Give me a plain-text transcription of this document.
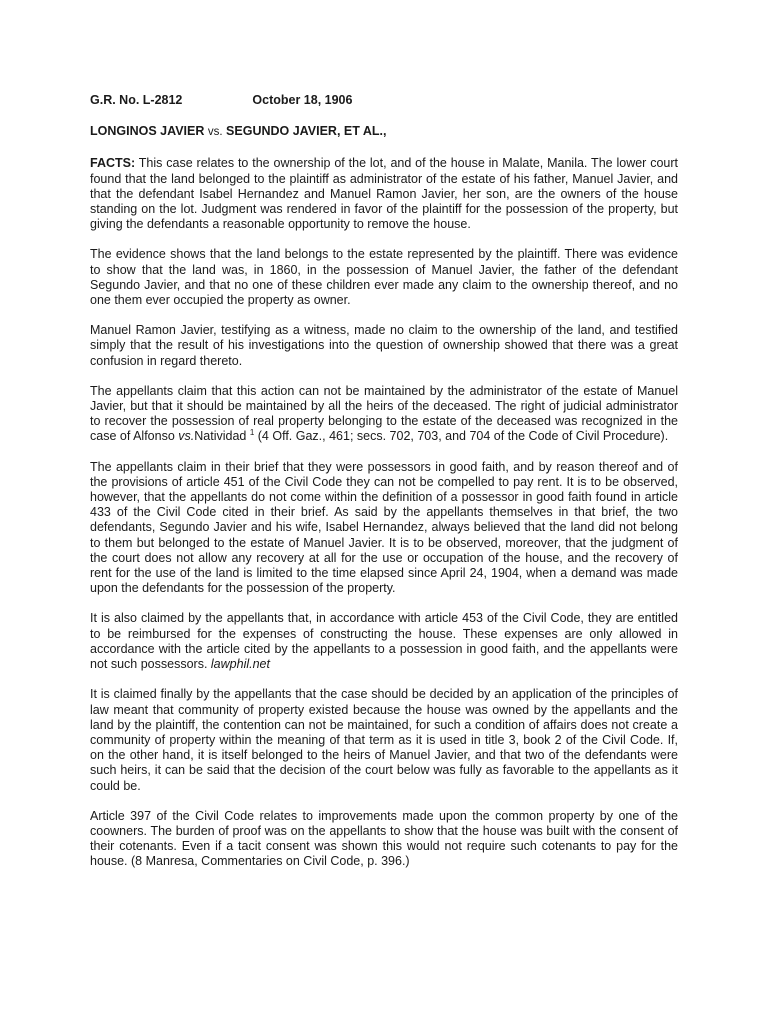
G.R. No. L-2812	October 18, 1906
LONGINOS JAVIER vs. SEGUNDO JAVIER, ET AL.,

FACTS: This case relates to the ownership of the lot, and of the house in Malate, Manila. The lower court found that the land belonged to the plaintiff as administrator of the estate of his father, Manuel Javier, and that the defendant Isabel Hernandez and Manuel Ramon Javier, her son, are the owners of the house standing on the lot. Judgment was rendered in favor of the plaintiff for the possession of the property, but giving the defendants a reasonable opportunity to remove the house.

The evidence shows that the land belongs to the estate represented by the plaintiff. There was evidence to show that the land was, in 1860, in the possession of Manuel Javier, the father of the defendant Segundo Javier, and that no one of these children ever made any claim to the ownership thereof, and no one them ever occupied the property as owner.

Manuel Ramon Javier, testifying as a witness, made no claim to the ownership of the land, and testified simply that the result of his investigations into the question of ownership showed that there was a great confusion in regard thereto.

The appellants claim that this action can not be maintained by the administrator of the estate of Manuel Javier, but that it should be maintained by all the heirs of the deceased. The right of judicial administrator to recover the possession of real property belonging to the estate of the deceased was recognized in the case of Alfonso vs.Natividad $^1$ (4 Off. Gaz., 461; secs. 702, 703, and 704 of the Code of Civil Procedure).

The appellants claim in their brief that they were possessors in good faith, and by reason thereof and of the provisions of article 451 of the Civil Code they can not be compelled to pay rent. It is to be observed, however, that the appellants do not come within the definition of a possessor in good faith found in article 433 of the Civil Code cited in their brief. As said by the appellants themselves in that brief, the two defendants, Segundo Javier and his wife, Isabel Hernandez, always believed that the land did not belong to them but belonged to the estate of Manuel Javier. It is to be observed, moreover, that the judgment of the court does not allow any recovery at all for the use or occupation of the house, and the recovery of rent for the use of the land is limited to the time elapsed since April 24, 1904, when a demand was made upon the defendants for the possession of the property.

It is also claimed by the appellants that, in accordance with article 453 of the Civil Code, they are entitled to be reimbursed for the expenses of constructing the house. These expenses are only allowed in accordance with the article cited by the appellants to a possession in good faith, and the appellants were not such possessors. lawphil.net

It is claimed finally by the appellants that the case should be decided by an application of the principles of law meant that community of property existed because the house was owned by the appellants and the land by the plaintiff, the contention can not be maintained, for such a condition of affairs does not create a community of property within the meaning of that term as it is used in title 3, book 2 of the Civil Code. If, on the other hand, it is itself belonged to the heirs of Manuel Javier, and that two of the defendants were such heirs, it can be said that the decision of the court below was fully as favorable to the appellants as it could be.

Article 397 of the Civil Code relates to improvements made upon the common property by one of the coowners. The burden of proof was on the appellants to show that the house was built with the consent of their cotenants. Even if a tacit consent was shown this would not require such cotenants to pay for the house. (8 Manresa, Commentaries on Civil Code, p. 396.)
